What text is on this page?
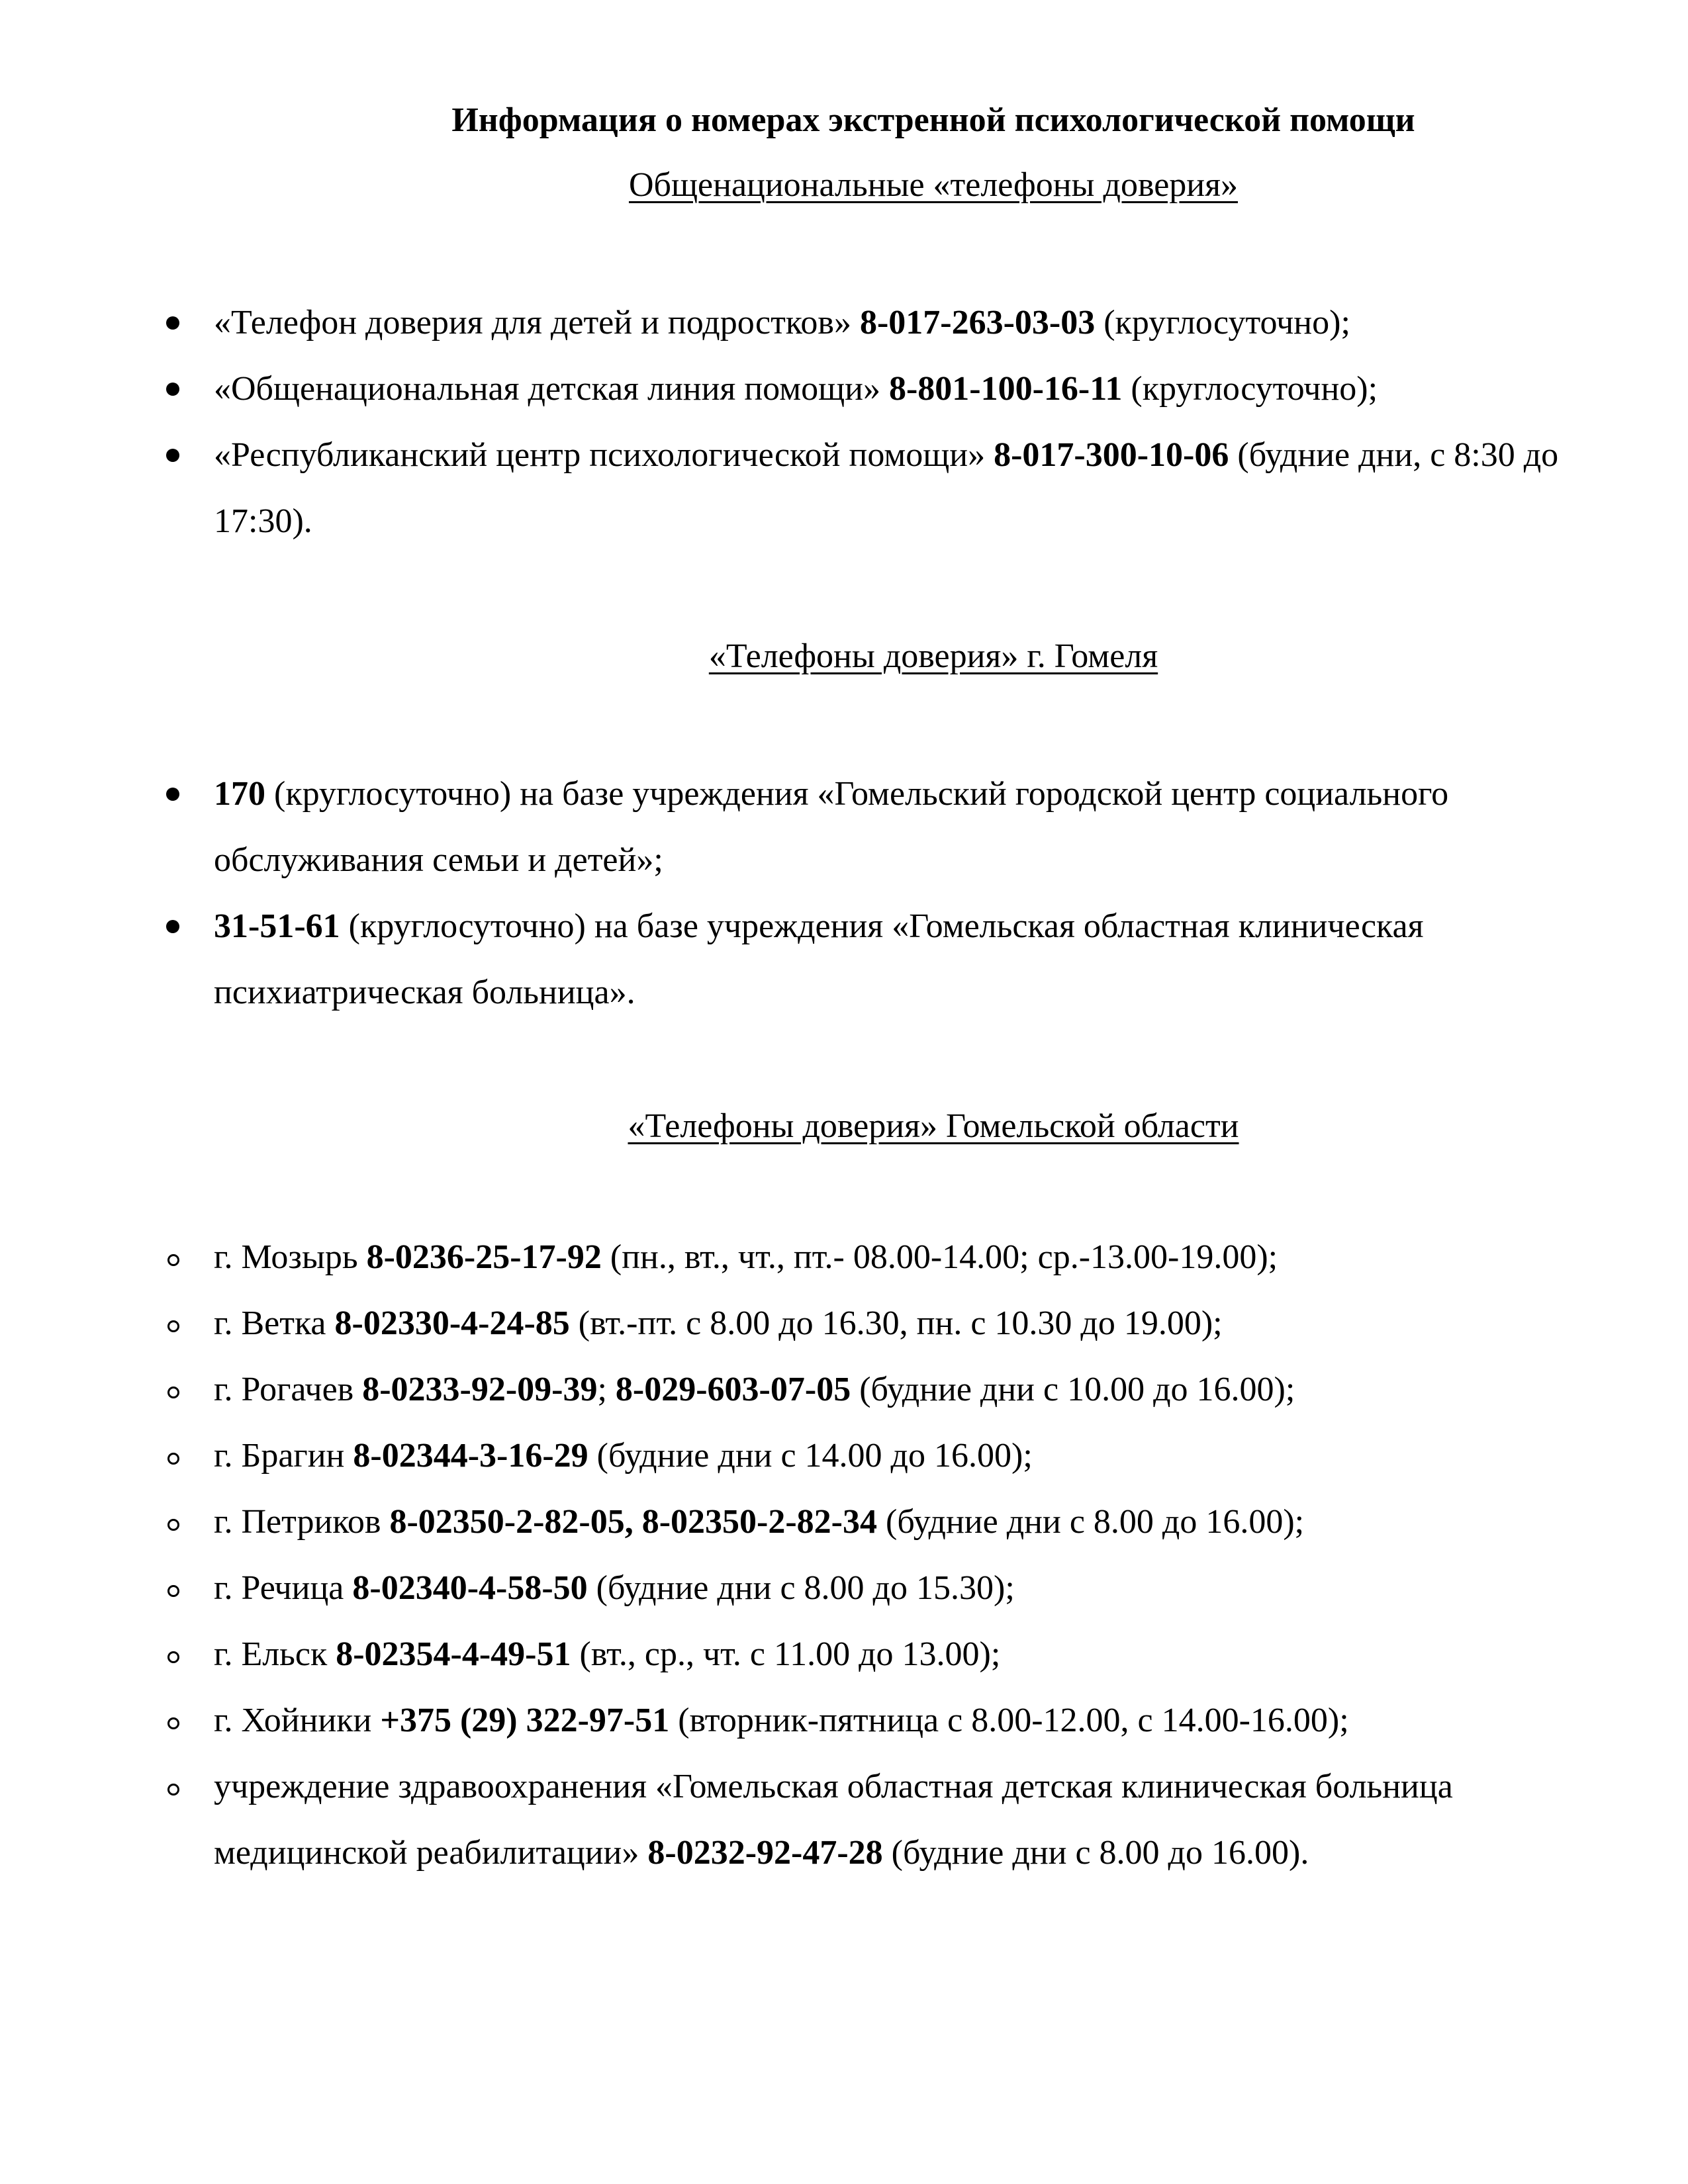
Информация о номерах экстренной психологической помощи
Общенациональные «телефоны доверия»
«Телефон доверия для детей и подростков» 8-017-263-03-03 (круглосуточно);
«Общенациональная детская линия помощи» 8-801-100-16-11 (круглосуточно);
«Республиканский центр психологической помощи» 8-017-300-10-06 (будние дни, с 8:30 до 17:30).
«Телефоны доверия» г. Гомеля
170 (круглосуточно) на базе учреждения «Гомельский городской центр социального обслуживания семьи и детей»;
31-51-61 (круглосуточно) на базе учреждения «Гомельская областная клиническая психиатрическая больница».
«Телефоны доверия» Гомельской области
г. Мозырь 8-0236-25-17-92 (пн., вт., чт., пт.- 08.00-14.00; ср.-13.00-19.00);
г. Ветка 8-02330-4-24-85 (вт.-пт. с 8.00 до 16.30, пн. с 10.30 до 19.00);
г. Рогачев 8-0233-92-09-39; 8-029-603-07-05 (будние дни с 10.00 до 16.00);
г. Брагин 8-02344-3-16-29 (будние дни с 14.00 до 16.00);
г. Петриков 8-02350-2-82-05, 8-02350-2-82-34 (будние дни с 8.00 до 16.00);
г. Речица 8-02340-4-58-50 (будние дни с 8.00 до 15.30);
г. Ельск 8-02354-4-49-51 (вт., ср., чт. с 11.00 до 13.00);
г. Хойники +375 (29) 322-97-51 (вторник-пятница с 8.00-12.00, с 14.00-16.00);
учреждение здравоохранения «Гомельская областная детская клиническая больница медицинской реабилитации» 8-0232-92-47-28 (будние дни с 8.00 до 16.00).
